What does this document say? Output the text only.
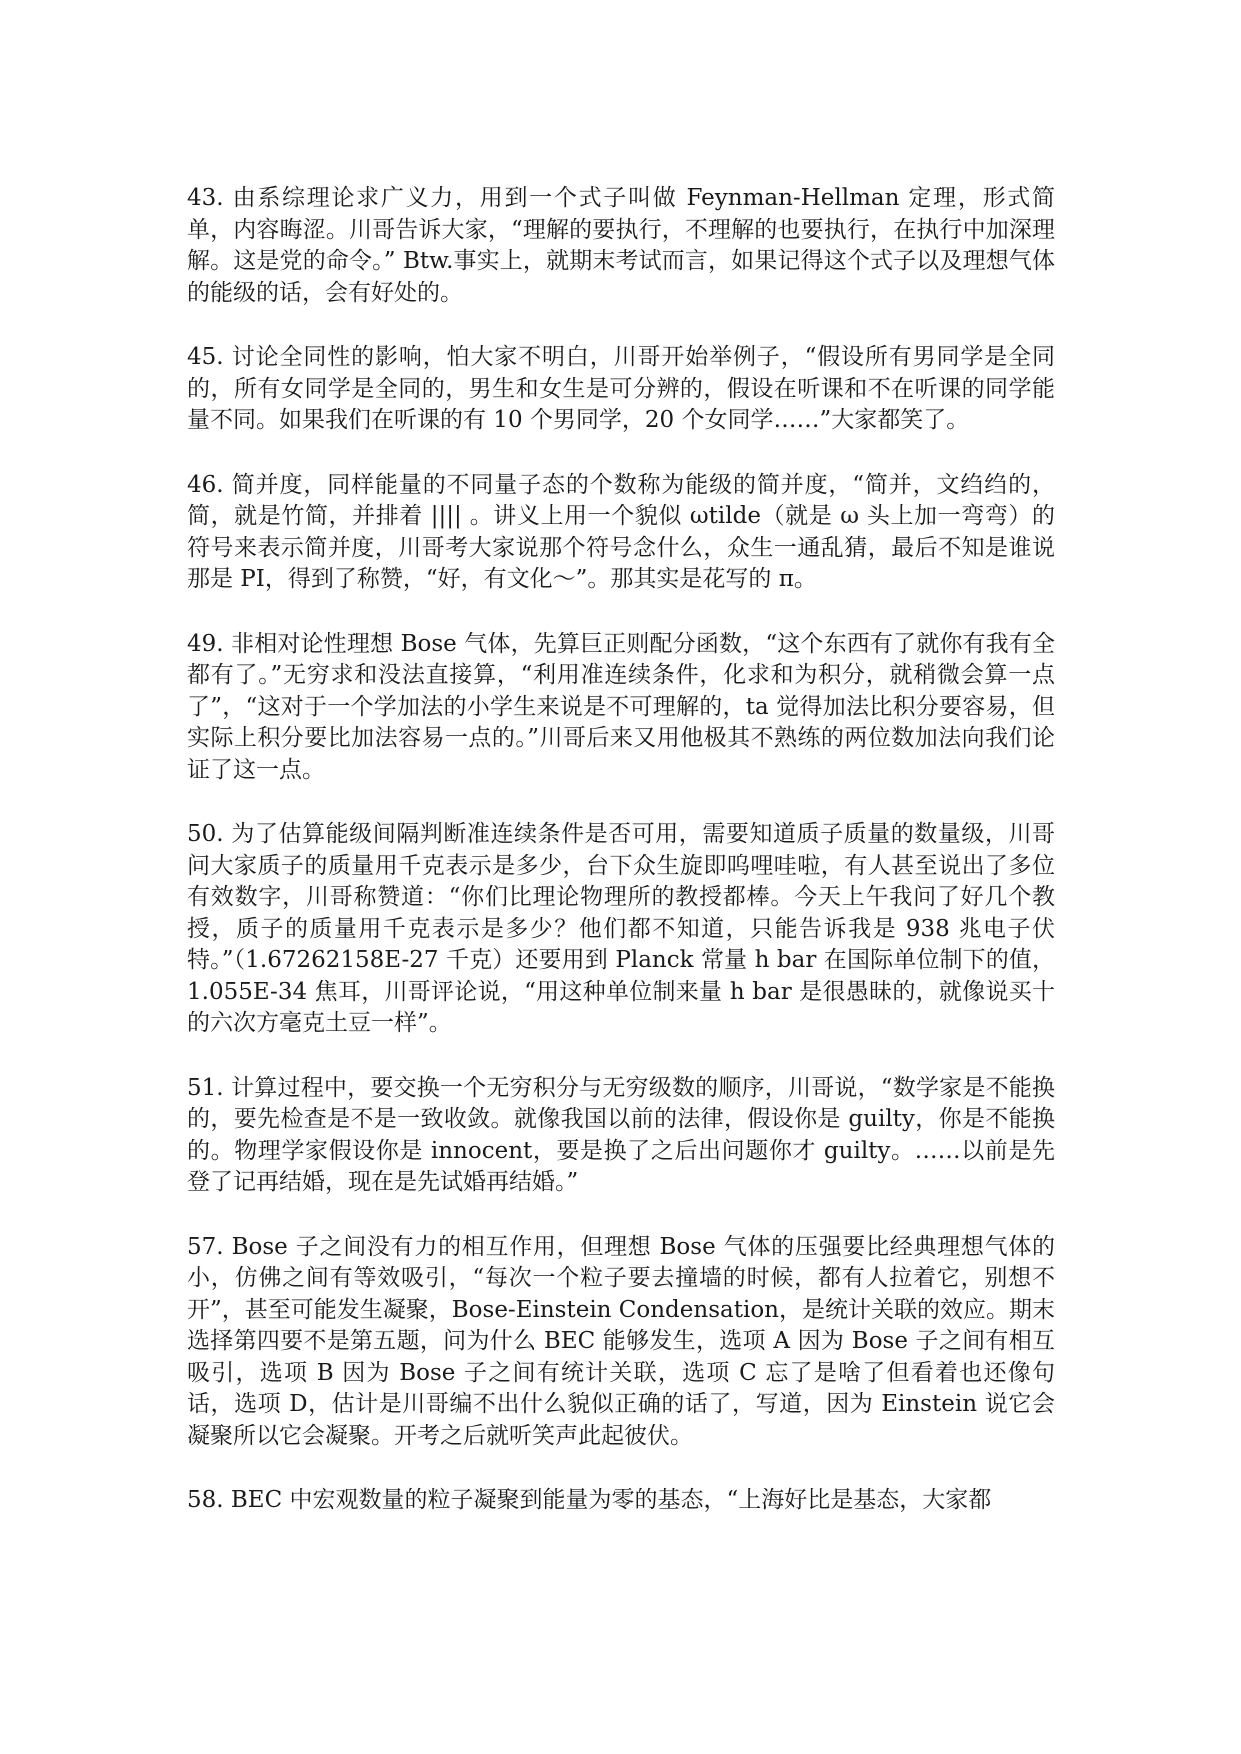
43. 由系综理论求广义力，用到一个式子叫做 Feynman-Hellman 定理，形式简单，内容晦涩。川哥告诉大家，“理解的要执行，不理解的也要执行，在执行中加深理解。这是党的命令。” Btw.事实上，就期末考试而言，如果记得这个式子以及理想气体的能级的话，会有好处的。

45. 讨论全同性的影响，怕大家不明白，川哥开始举例子，“假设所有男同学是全同的，所有女同学是全同的，男生和女生是可分辨的，假设在听课和不在听课的同学能量不同。如果我们在听课的有 10 个男同学，20 个女同学……”大家都笑了。

46. 简并度，同样能量的不同量子态的个数称为能级的简并度，“简并，文绉绉的，简，就是竹简，并排着 |||| 。讲义上用一个貌似 ωtilde（就是 ω 头上加一弯弯）的符号来表示简并度，川哥考大家说那个符号念什么，众生一通乱猜，最后不知是谁说那是 PI，得到了称赞，“好，有文化～”。那其实是花写的 π。

49. 非相对论性理想 Bose 气体，先算巨正则配分函数，“这个东西有了就你有我有全都有了。”无穷求和没法直接算，“利用准连续条件，化求和为积分，就稍微会算一点了”，“这对于一个学加法的小学生来说是不可理解的，ta 觉得加法比积分要容易，但实际上积分要比加法容易一点的。”川哥后来又用他极其不熟练的两位数加法向我们论证了这一点。

50. 为了估算能级间隔判断准连续条件是否可用，需要知道质子质量的数量级，川哥问大家质子的质量用千克表示是多少，台下众生旋即呜哩哇啦，有人甚至说出了多位有效数字，川哥称赞道：“你们比理论物理所的教授都棒。今天上午我问了好几个教授，质子的质量用千克表示是多少？他们都不知道，只能告诉我是 938 兆电子伏特。”（1.67262158E-27 千克）还要用到 Planck 常量 h bar 在国际单位制下的值，1.055E-34 焦耳，川哥评论说，“用这种单位制来量 h bar 是很愚昧的，就像说买十的六次方毫克土豆一样”。

51. 计算过程中，要交换一个无穷积分与无穷级数的顺序，川哥说，“数学家是不能换的，要先检查是不是一致收敛。就像我国以前的法律，假设你是 guilty，你是不能换的。物理学家假设你是 innocent，要是换了之后出问题你才 guilty。……以前是先登了记再结婚，现在是先试婚再结婚。”

57. Bose 子之间没有力的相互作用，但理想 Bose 气体的压强要比经典理想气体的小，仿佛之间有等效吸引，“每次一个粒子要去撞墙的时候，都有人拉着它，别想不开”，甚至可能发生凝聚，Bose-Einstein Condensation，是统计关联的效应。期末选择第四要不是第五题，问为什么 BEC 能够发生，选项 A 因为 Bose 子之间有相互吸引，选项 B 因为 Bose 子之间有统计关联，选项 C 忘了是啥了但看着也还像句话，选项 D，估计是川哥编不出什么貌似正确的话了，写道，因为 Einstein 说它会凝聚所以它会凝聚。开考之后就听笑声此起彼伏。

58. BEC 中宏观数量的粒子凝聚到能量为零的基态，“上海好比是基态，大家都
